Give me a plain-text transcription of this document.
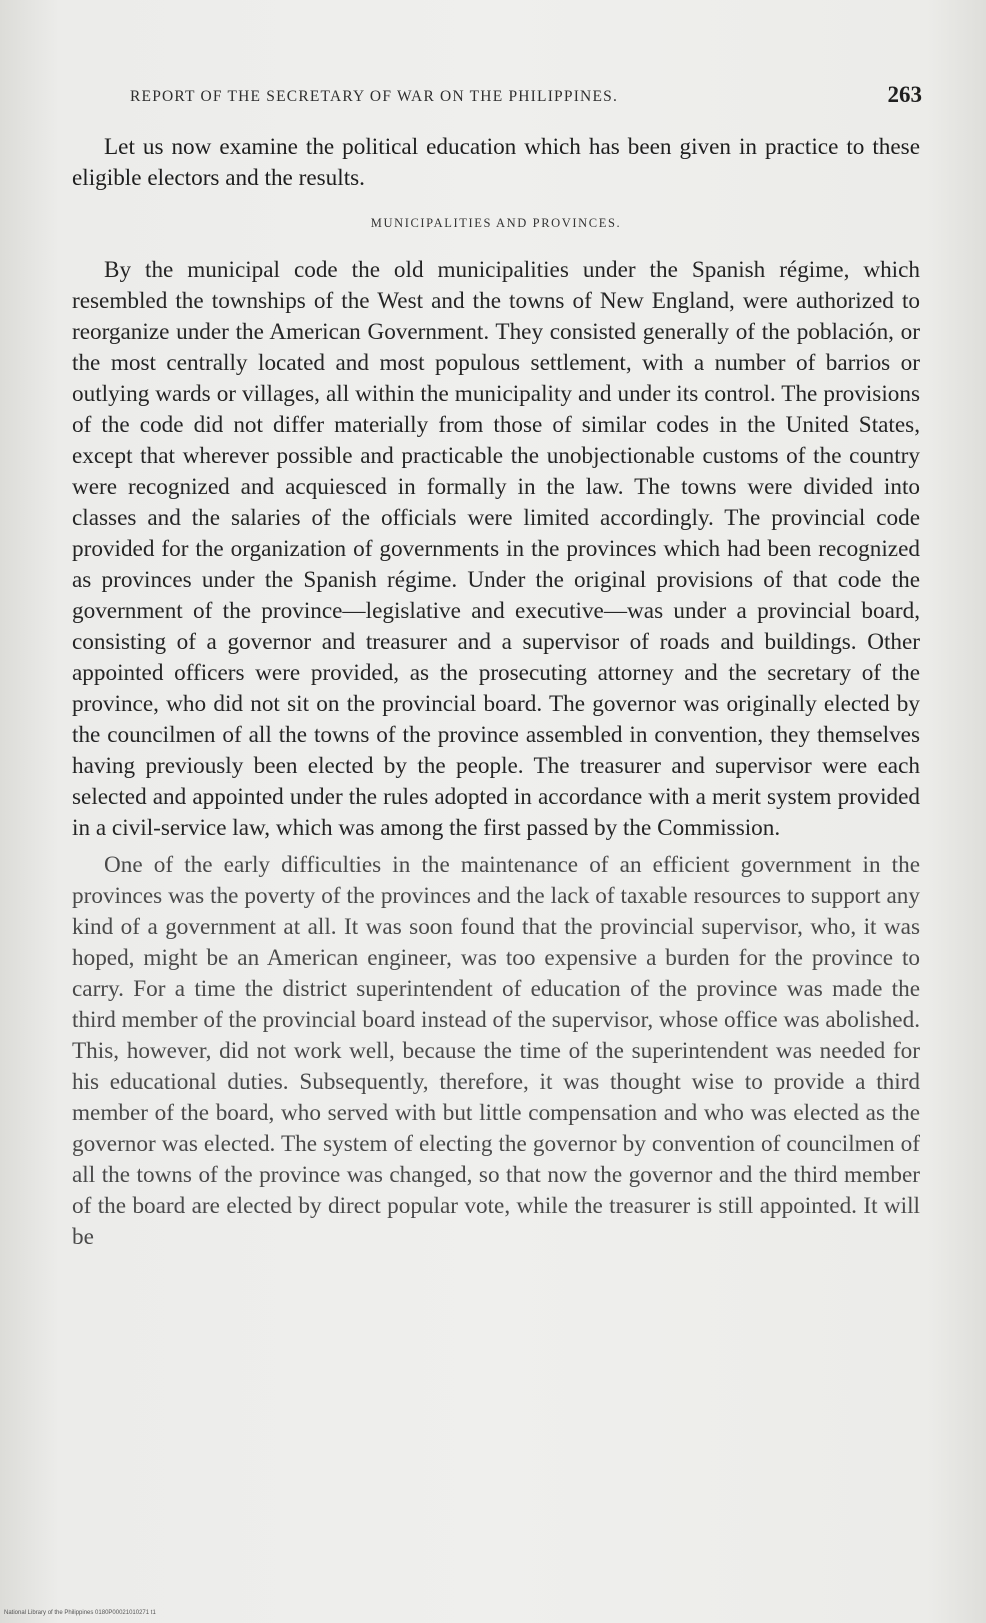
REPORT OF THE SECRETARY OF WAR ON THE PHILIPPINES.	263

Let us now examine the political education which has been given in practice to these eligible electors and the results.

MUNICIPALITIES AND PROVINCES.

By the municipal code the old municipalities under the Spanish régime, which resembled the townships of the West and the towns of New England, were authorized to reorganize under the American Government. They consisted generally of the población, or the most centrally located and most populous settlement, with a number of barrios or outlying wards or villages, all within the municipality and under its control. The provisions of the code did not differ materially from those of similar codes in the United States, except that wherever possible and practicable the unobjectionable customs of the country were recognized and acquiesced in formally in the law. The towns were divided into classes and the salaries of the officials were limited accordingly. The provincial code provided for the organization of governments in the provinces which had been recognized as provinces under the Spanish régime. Under the original provisions of that code the government of the province—legislative and executive—was under a provincial board, consisting of a governor and treasurer and a supervisor of roads and buildings. Other appointed officers were provided, as the prosecuting attorney and the secretary of the province, who did not sit on the provincial board. The governor was originally elected by the councilmen of all the towns of the province assembled in convention, they themselves having previously been elected by the people. The treasurer and supervisor were each selected and appointed under the rules adopted in accordance with a merit system provided in a civil-service law, which was among the first passed by the Commission.

One of the early difficulties in the maintenance of an efficient government in the provinces was the poverty of the provinces and the lack of taxable resources to support any kind of a government at all. It was soon found that the provincial supervisor, who, it was hoped, might be an American engineer, was too expensive a burden for the province to carry. For a time the district superintendent of education of the province was made the third member of the provincial board instead of the supervisor, whose office was abolished. This, however, did not work well, because the time of the superintendent was needed for his educational duties. Subsequently, therefore, it was thought wise to provide a third member of the board, who served with but little compensation and who was elected as the governor was elected. The system of electing the governor by convention of councilmen of all the towns of the province was changed, so that now the governor and the third member of the board are elected by direct popular vote, while the treasurer is still appointed. It will be

National Library of the Philippines 0180P00021010271 t1
